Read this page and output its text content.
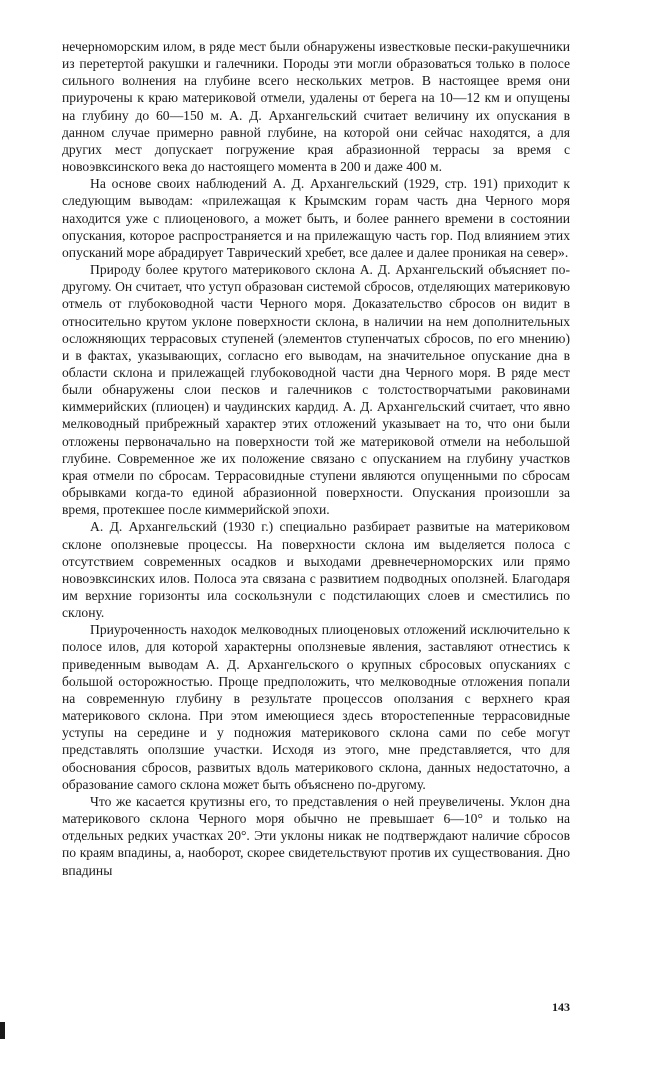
нечерноморским илом, в ряде мест были обнаружены известковые пески-ракушечники из перетертой ракушки и галечники. Породы эти могли образоваться только в полосе сильного волнения на глубине всего нескольких метров. В настоящее время они приурочены к краю материковой отмели, удалены от берега на 10—12 км и опущены на глубину до 60—150 м. А. Д. Архангельский считает величину их опускания в данном случае примерно равной глубине, на которой они сейчас находятся, а для других мест допускает погружение края абразионной террасы за время с новоэвксинского века до настоящего момента в 200 и даже 400 м.

На основе своих наблюдений А. Д. Архангельский (1929, стр. 191) приходит к следующим выводам: «прилежащая к Крымским горам часть дна Черного моря находится уже с плиоценового, а может быть, и более раннего времени в состоянии опускания, которое распространяется и на прилежащую часть гор. Под влиянием этих опусканий море абрадирует Таврический хребет, все далее и далее проникая на север».

Природу более крутого материкового склона А. Д. Архангельский объясняет по-другому. Он считает, что уступ образован системой сбросов, отделяющих материковую отмель от глубоководной части Черного моря. Доказательство сбросов он видит в относительно крутом уклоне поверхности склона, в наличии на нем дополнительных осложняющих террасовых ступеней (элементов ступенчатых сбросов, по его мнению) и в фактах, указывающих, согласно его выводам, на значительное опускание дна в области склона и прилежащей глубоководной части дна Черного моря. В ряде мест были обнаружены слои песков и галечников с толстостворчатыми раковинами киммерийских (плиоцен) и чаудинских кардид. А. Д. Архангельский считает, что явно мелководный прибрежный характер этих отложений указывает на то, что они были отложены первоначально на поверхности той же материковой отмели на небольшой глубине. Современное же их положение связано с опусканием на глубину участков края отмели по сбросам. Террасовидные ступени являются опущенными по сбросам обрывками когда-то единой абразионной поверхности. Опускания произошли за время, протекшее после киммерийской эпохи.

А. Д. Архангельский (1930 г.) специально разбирает развитые на материковом склоне оползневые процессы. На поверхности склона им выделяется полоса с отсутствием современных осадков и выходами древнечерноморских или прямо новоэвксинских илов. Полоса эта связана с развитием подводных оползней. Благодаря им верхние горизонты ила соскользнули с подстилающих слоев и сместились по склону.

Приуроченность находок мелководных плиоценовых отложений исключительно к полосе илов, для которой характерны оползневые явления, заставляют отнестись к приведенным выводам А. Д. Архангельского о крупных сбросовых опусканиях с большой осторожностью. Проще предположить, что мелководные отложения попали на современную глубину в результате процессов оползания с верхнего края материкового склона. При этом имеющиеся здесь второстепенные террасовидные уступы на середине и у подножия материкового склона сами по себе могут представлять оползшие участки. Исходя из этого, мне представляется, что для обоснования сбросов, развитых вдоль материкового склона, данных недостаточно, а образование самого склона может быть объяснено по-другому.

Что же касается крутизны его, то представления о ней преувеличены. Уклон дна материкового склона Черного моря обычно не превышает 6—10° и только на отдельных редких участках 20°. Эти уклоны никак не подтверждают наличие сбросов по краям впадины, а, наоборот, скорее свидетельствуют против их существования. Дно впадины

143
